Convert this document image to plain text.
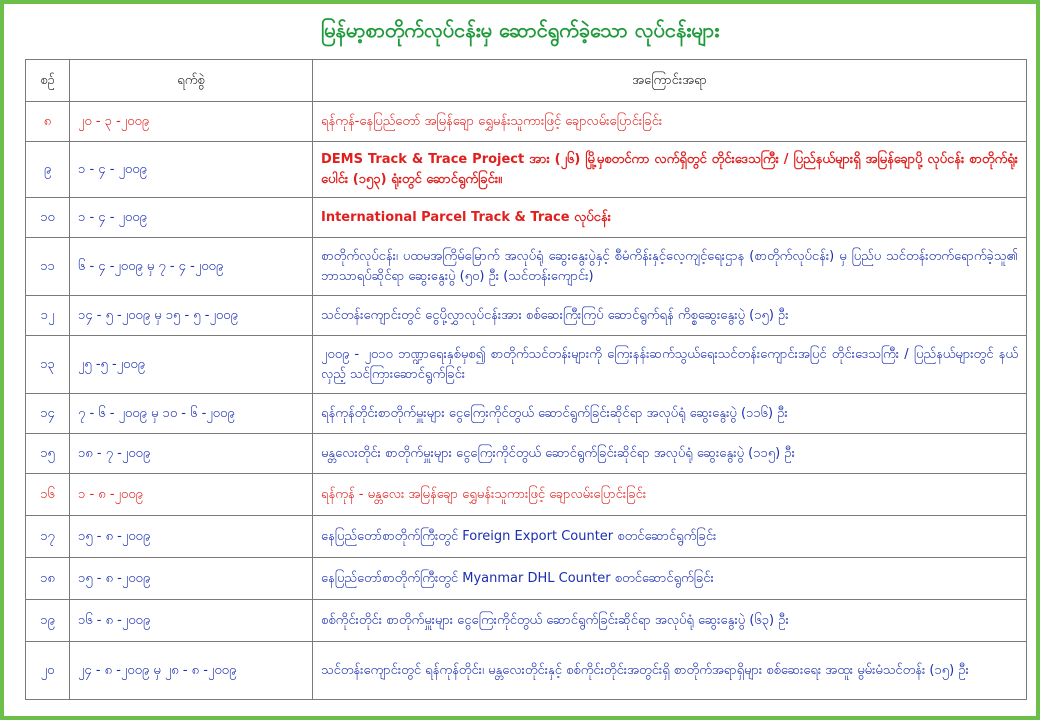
မြန်မာ့စာတိုက်လုပ်ငန်းမှ ဆောင်ရွက်ခဲ့သော လုပ်ငန်းများ
စဉ်	ရက်စွဲ	အကြောင်းအရာ
၈	၂၀ - ၃ -၂၀၀၉	ရန်ကုန်-နေပြည်တော် အမြန်ချော ရွှေမန်းသူကားဖြင့် ချောလမ်းပြောင်းခြင်း
၉	၁ - ၄ - ၂၀၀၉	DEMS Track & Trace Project အား (၂၆) မြို့မှစတင်ကာ လက်ရှိတွင် တိုင်းဒေသကြီး / ပြည်နယ်များရှိ အမြန်ချောပို့ လုပ်ငန်း စာတိုက်ရုံးပေါင်း (၁၅၃) ရုံးတွင် ဆောင်ရွက်ခြင်း။
၁၀	၁ - ၄ - ၂၀၀၉	International Parcel Track & Trace လုပ်ငန်း
၁၁	၆ - ၄ -၂၀၀၉ မှ ၇ - ၄ -၂၀၀၉	စာတိုက်လုပ်ငန်း၊ ပထမအကြိမ်မြောက် အလုပ်ရုံ ဆွေးနွေးပွဲနှင့် စီမံကိန်းနှင့်လေ့ကျင့်ရေးဌာန (စာတိုက်လုပ်ငန်း) မှ ပြည်ပ သင်တန်းတက်ရောက်ခဲ့သူ၏ ဘာသာရပ်ဆိုင်ရာ ဆွေးနွေးပွဲ (၅၀) ဦး (သင်တန်းကျောင်း)
၁၂	၁၄ - ၅ -၂၀၀၉ မှ ၁၅ - ၅ -၂၀၀၉	သင်တန်းကျောင်းတွင် ငွေပို့လွှာလုပ်ငန်းအား စစ်ဆေးကြီးကြပ် ဆောင်ရွက်ရန် ကိစ္စဆွေးနွေးပွဲ (၁၅) ဦး
၁၃	၂၅ -၅ -၂၀၀၉	၂၀၀၉ - ၂၀၁၀ ဘဏ္ဍာရေးနှစ်မှစ၍ စာတိုက်သင်တန်းများကို ကြေးနန်းဆက်သွယ်ရေးသင်တန်းကျောင်းအပြင် တိုင်းဒေသကြီး / ပြည်နယ်များတွင် နယ်လှည့် သင်ကြားဆောင်ရွက်ခြင်း
၁၄	၇ - ၆ - ၂၀၀၉ မှ ၁၀ - ၆ -၂၀၀၉	ရန်ကုန်တိုင်းစာတိုက်မှူးများ ငွေကြေးကိုင်တွယ် ဆောင်ရွက်ခြင်းဆိုင်ရာ အလုပ်ရုံ ဆွေးနွေးပွဲ (၁၁၆) ဦး
၁၅	၁၈ - ၇ -၂၀၀၉	မန္တလေးတိုင်း စာတိုက်မှူးများ ငွေကြေးကိုင်တွယ် ဆောင်ရွက်ခြင်းဆိုင်ရာ အလုပ်ရုံ ဆွေးနွေးပွဲ (၁၁၅) ဦး
၁၆	၁ - ၈ -၂၀၀၉	ရန်ကုန် - မန္တလေး အမြန်ချော ရွှေမန်းသူကားဖြင့် ချောလမ်းပြောင်းခြင်း
၁၇	၁၅ - ၈ -၂၀၀၉	နေပြည်တော်စာတိုက်ကြီးတွင် Foreign Export Counter စတင်ဆောင်ရွက်ခြင်း
၁၈	၁၅ - ၈ -၂၀၀၉	နေပြည်တော်စာတိုက်ကြီးတွင် Myanmar DHL Counter စတင်ဆောင်ရွက်ခြင်း
၁၉	၁၆ - ၈ -၂၀၀၉	စစ်ကိုင်းတိုင်း စာတိုက်မှူးများ ငွေကြေးကိုင်တွယ် ဆောင်ရွက်ခြင်းဆိုင်ရာ အလုပ်ရုံ ဆွေးနွေးပွဲ (၆၃) ဦး
၂၀	၂၄ - ၈ -၂၀၀၉ မှ ၂၈ - ၈ -၂၀၀၉	သင်တန်းကျောင်းတွင် ရန်ကုန်တိုင်း၊ မန္တလေးတိုင်းနှင့် စစ်ကိုင်းတိုင်းအတွင်းရှိ စာတိုက်အရာရှိများ စစ်ဆေးရေး အထူး မွမ်းမံသင်တန်း (၁၅) ဦး
